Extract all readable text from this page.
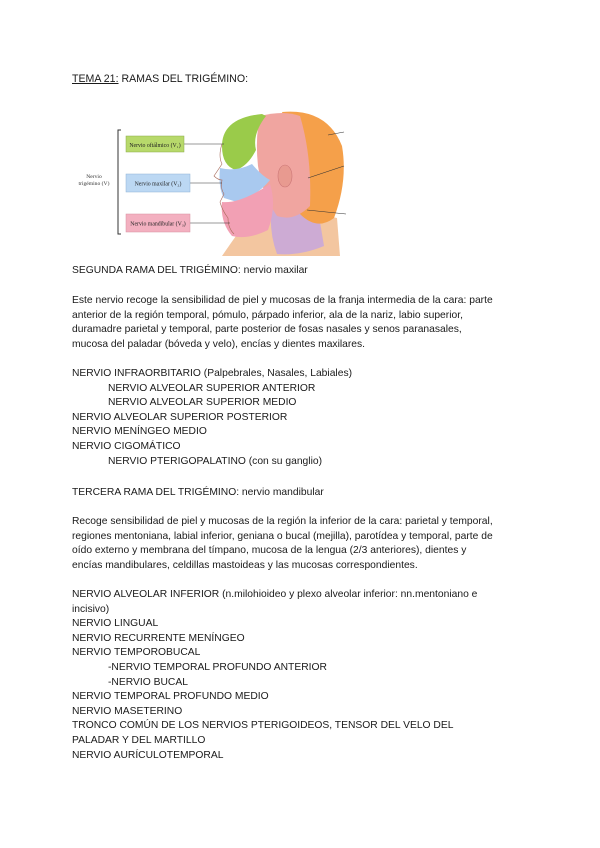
TEMA 21: RAMAS DEL TRIGÉMINO:
Nervio
trigémino (V)
Nervio oftálmico (V₁)
Nervio maxilar (V₂)
Nervio mandibular (V₃)

SEGUNDA RAMA DEL TRIGÉMINO: nervio maxilar

Este nervio recoge la sensibilidad de piel y mucosas de la franja intermedia de la cara: parte

anterior de la región temporal, pómulo, párpado inferior, ala de la nariz, labio superior,

duramadre parietal y temporal, parte posterior de fosas nasales y senos paranasales,

mucosa del paladar (bóveda y velo), encías y dientes maxilares.

NERVIO INFRAORBITARIO (Palpebrales, Nasales, Labiales)

NERVIO ALVEOLAR SUPERIOR ANTERIOR

NERVIO ALVEOLAR SUPERIOR MEDIO

NERVIO ALVEOLAR SUPERIOR POSTERIOR

NERVIO MENÍNGEO MEDIO

NERVIO CIGOMÁTICO

NERVIO PTERIGOPALATINO (con su ganglio)

TERCERA RAMA DEL TRIGÉMINO: nervio mandibular

Recoge sensibilidad de piel y mucosas de la región la inferior de la cara: parietal y temporal,

regiones mentoniana, labial inferior, geniana o bucal (mejilla), parotídea y temporal, parte de

oído externo y membrana del tímpano, mucosa de la lengua (2/3 anteriores), dientes y

encías mandibulares, celdillas mastoideas y las mucosas correspondientes.

NERVIO ALVEOLAR INFERIOR (n.milohioideo y plexo alveolar inferior: nn.mentoniano e

incisivo)

NERVIO LINGUAL

NERVIO RECURRENTE MENÍNGEO

NERVIO TEMPOROBUCAL

-NERVIO TEMPORAL PROFUNDO ANTERIOR

-NERVIO BUCAL

NERVIO TEMPORAL PROFUNDO MEDIO

NERVIO MASETERINO

TRONCO COMÚN DE LOS NERVIOS PTERIGOIDEOS, TENSOR DEL VELO DEL

PALADAR Y DEL MARTILLO

NERVIO AURÍCULOTEMPORAL
